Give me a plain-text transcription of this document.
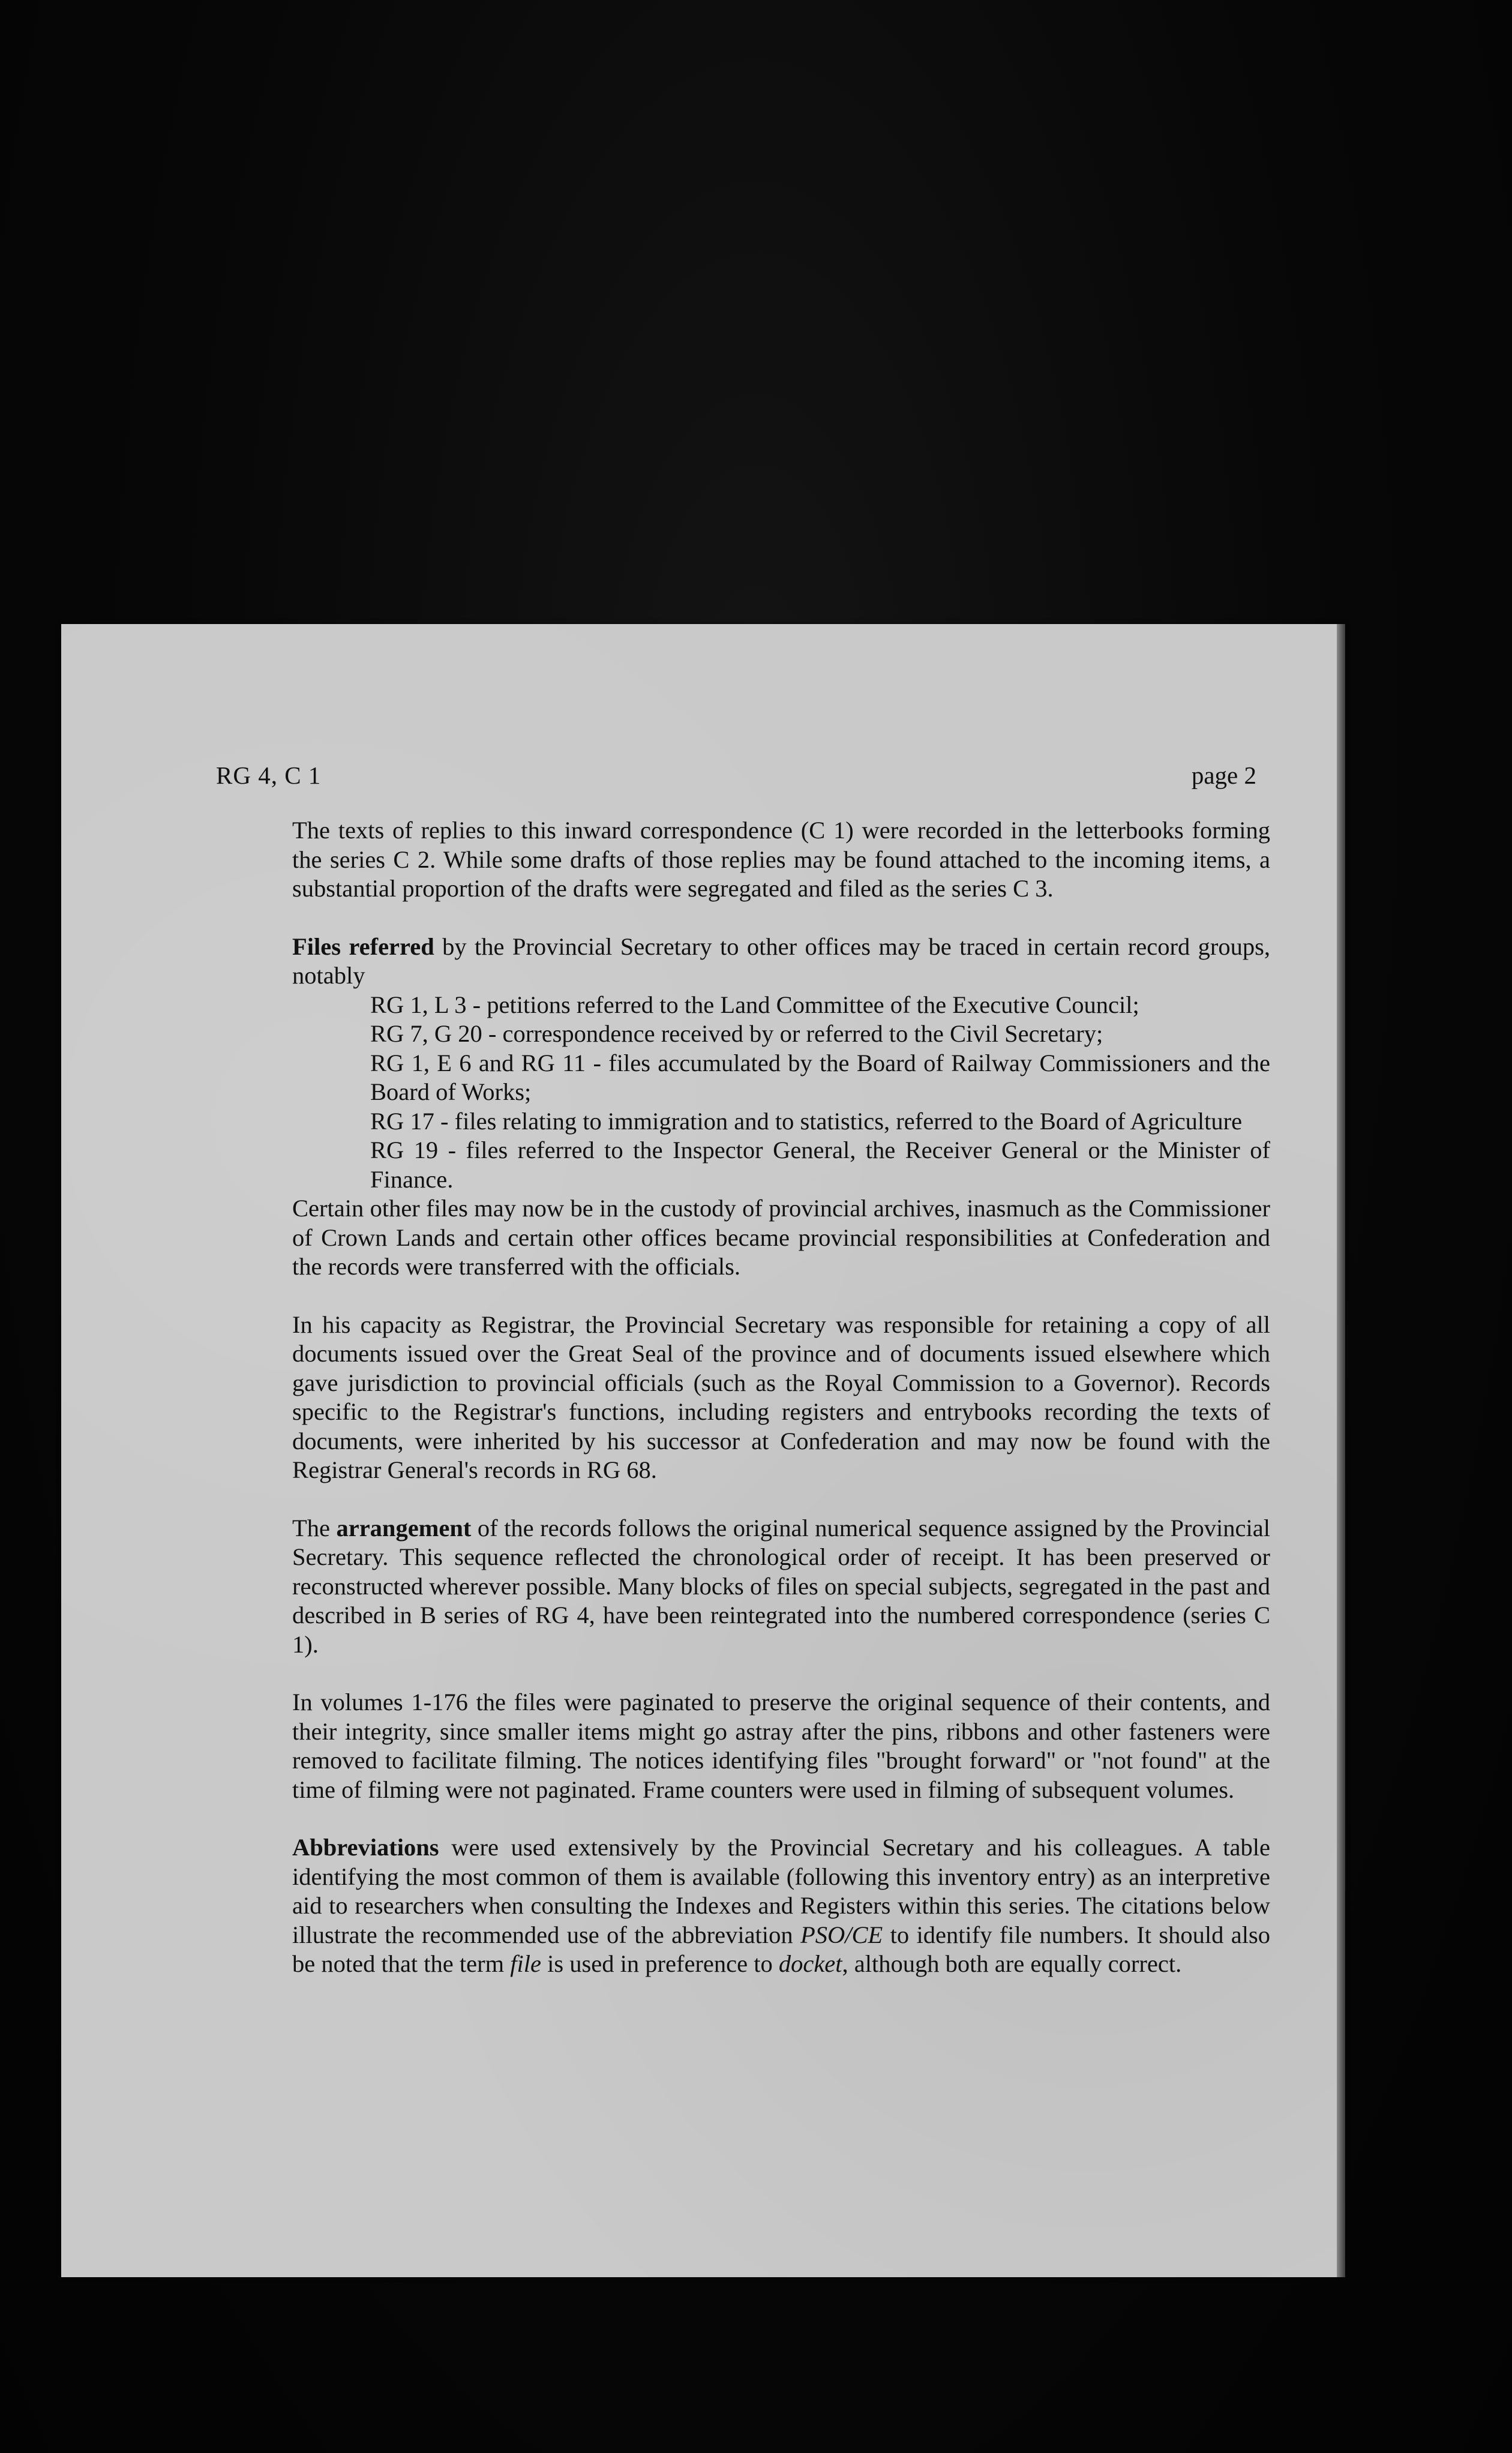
RG 4, C 1	page 2

The texts of replies to this inward correspondence (C 1) were recorded in the letterbooks forming the series C 2. While some drafts of those replies may be found attached to the incoming items, a substantial proportion of the drafts were segregated and filed as the series C 3.

Files referred by the Provincial Secretary to other offices may be traced in certain record groups, notably

RG 1, L 3 - petitions referred to the Land Committee of the Executive Council;
RG 7, G 20 - correspondence received by or referred to the Civil Secretary;
RG 1, E 6 and RG 11 - files accumulated by the Board of Railway Commissioners and the Board of Works;
RG 17 - files relating to immigration and to statistics, referred to the Board of Agriculture
RG 19 - files referred to the Inspector General, the Receiver General or the Minister of Finance.

Certain other files may now be in the custody of provincial archives, inasmuch as the Commissioner of Crown Lands and certain other offices became provincial responsibilities at Confederation and the records were transferred with the officials.

In his capacity as Registrar, the Provincial Secretary was responsible for retaining a copy of all documents issued over the Great Seal of the province and of documents issued elsewhere which gave jurisdiction to provincial officials (such as the Royal Commission to a Governor). Records specific to the Registrar's functions, including registers and entrybooks recording the texts of documents, were inherited by his successor at Confederation and may now be found with the Registrar General's records in RG 68.

The arrangement of the records follows the original numerical sequence assigned by the Provincial Secretary. This sequence reflected the chronological order of receipt. It has been preserved or reconstructed wherever possible. Many blocks of files on special subjects, segregated in the past and described in B series of RG 4, have been reintegrated into the numbered correspondence (series C 1).

In volumes 1-176 the files were paginated to preserve the original sequence of their contents, and their integrity, since smaller items might go astray after the pins, ribbons and other fasteners were removed to facilitate filming. The notices identifying files "brought forward" or "not found" at the time of filming were not paginated. Frame counters were used in filming of subsequent volumes.

Abbreviations were used extensively by the Provincial Secretary and his colleagues. A table identifying the most common of them is available (following this inventory entry) as an interpretive aid to researchers when consulting the Indexes and Registers within this series. The citations below illustrate the recommended use of the abbreviation PSO/CE to identify file numbers. It should also be noted that the term file is used in preference to docket, although both are equally correct.
